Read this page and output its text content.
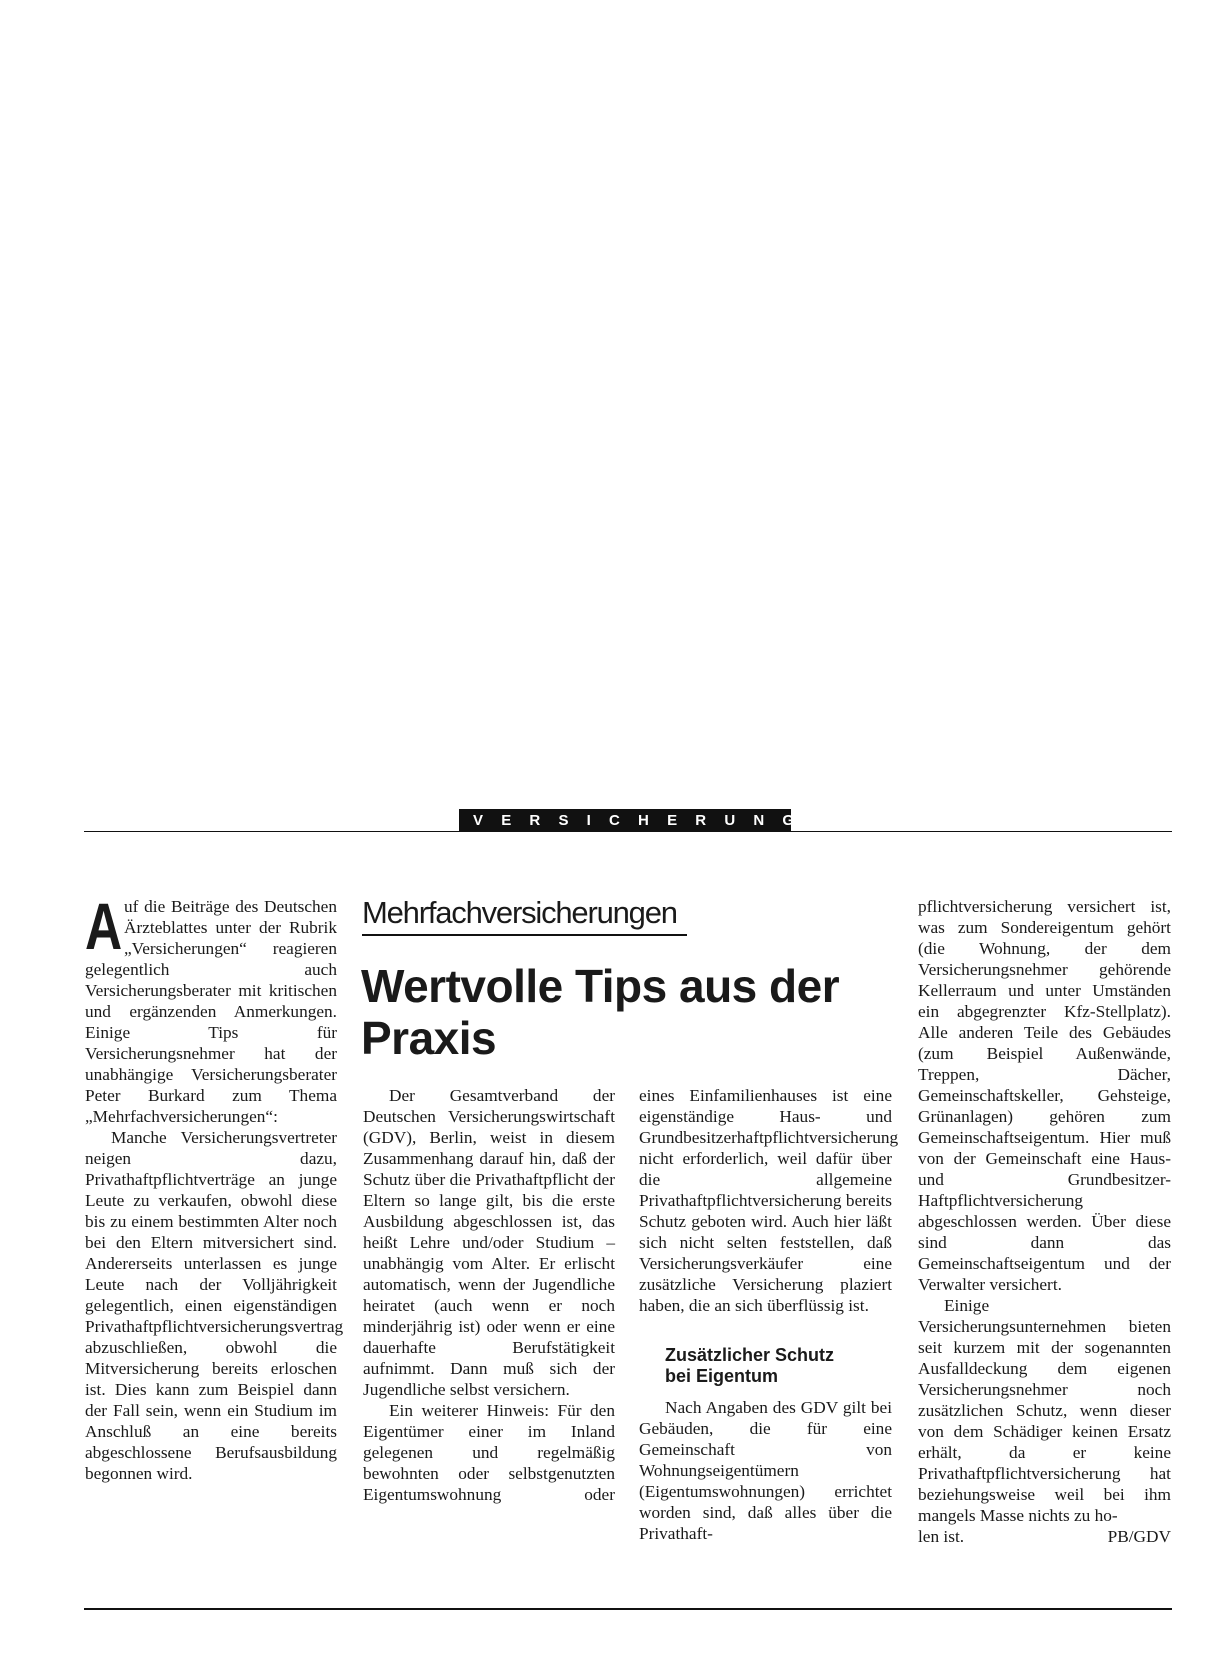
VERSICHERUNGEN

A uf die Beiträge des Deutschen Ärzteblattes unter der Rubrik „Versicherungen“ reagieren gelegentlich auch Versicherungsberater mit kritischen und ergänzenden Anmerkungen. Einige Tips für Versicherungsnehmer hat der unabhängige Versicherungsberater Peter Burkard zum Thema „Mehrfachversicherungen“:

Manche Versicherungsvertreter neigen dazu, Privathaftpflichtverträge an junge Leute zu verkaufen, obwohl diese bis zu einem bestimmten Alter noch bei den Eltern mitversichert sind. Andererseits unterlassen es junge Leute nach der Volljährigkeit gelegentlich, einen eigenständigen Privathaftpflichtversicherungsvertrag abzuschließen, obwohl die Mitversicherung bereits erloschen ist. Dies kann zum Beispiel dann der Fall sein, wenn ein Studium im Anschluß an eine bereits abgeschlossene Berufsausbildung begonnen wird.

Mehrfachversicherungen
Wertvolle Tips aus der Praxis

Der Gesamtverband der Deutschen Versicherungswirtschaft (GDV), Berlin, weist in diesem Zusammenhang darauf hin, daß der Schutz über die Privathaftpflicht der Eltern so lange gilt, bis die erste Ausbildung abgeschlossen ist, das heißt Lehre und/oder Studium – unabhängig vom Alter. Er erlischt automatisch, wenn der Jugendliche heiratet (auch wenn er noch minderjährig ist) oder wenn er eine dauerhafte Berufstätigkeit aufnimmt. Dann muß sich der Jugendliche selbst versichern.

Ein weiterer Hinweis: Für den Eigentümer einer im Inland gelegenen und regelmäßig bewohnten oder selbstgenutzten Eigentumswohnung oder

eines Einfamilienhauses ist eine eigenständige Haus- und Grundbesitzerhaftpflichtversicherung nicht erforderlich, weil dafür über die allgemeine Privathaftpflichtversicherung bereits Schutz geboten wird. Auch hier läßt sich nicht selten feststellen, daß Versicherungsverkäufer eine zusätzliche Versicherung plaziert haben, die an sich überflüssig ist.

Zusätzlicher Schutz
bei Eigentum

Nach Angaben des GDV gilt bei Gebäuden, die für eine Gemeinschaft von Wohnungseigentümern (Eigentumswohnungen) errichtet worden sind, daß alles über die Privathaft-

pflichtversicherung versichert ist, was zum Sondereigentum gehört (die Wohnung, der dem Versicherungsnehmer gehörende Kellerraum und unter Umständen ein abgegrenzter Kfz-Stellplatz). Alle anderen Teile des Gebäudes (zum Beispiel Außenwände, Treppen, Dächer, Gemeinschaftskeller, Gehsteige, Grünanlagen) gehören zum Gemeinschaftseigentum. Hier muß von der Gemeinschaft eine Haus- und Grundbesitzer-Haftpflichtversicherung abgeschlossen werden. Über diese sind dann das Gemeinschaftseigentum und der Verwalter versichert.

Einige Versicherungsunternehmen bieten seit kurzem mit der sogenannten Ausfalldeckung dem eigenen Versicherungsnehmer noch zusätzlichen Schutz, wenn dieser von dem Schädiger keinen Ersatz erhält, da er keine Privathaftpflichtversicherung hat beziehungsweise weil bei ihm mangels Masse nichts zu ho-

len ist.	PB/GDV
